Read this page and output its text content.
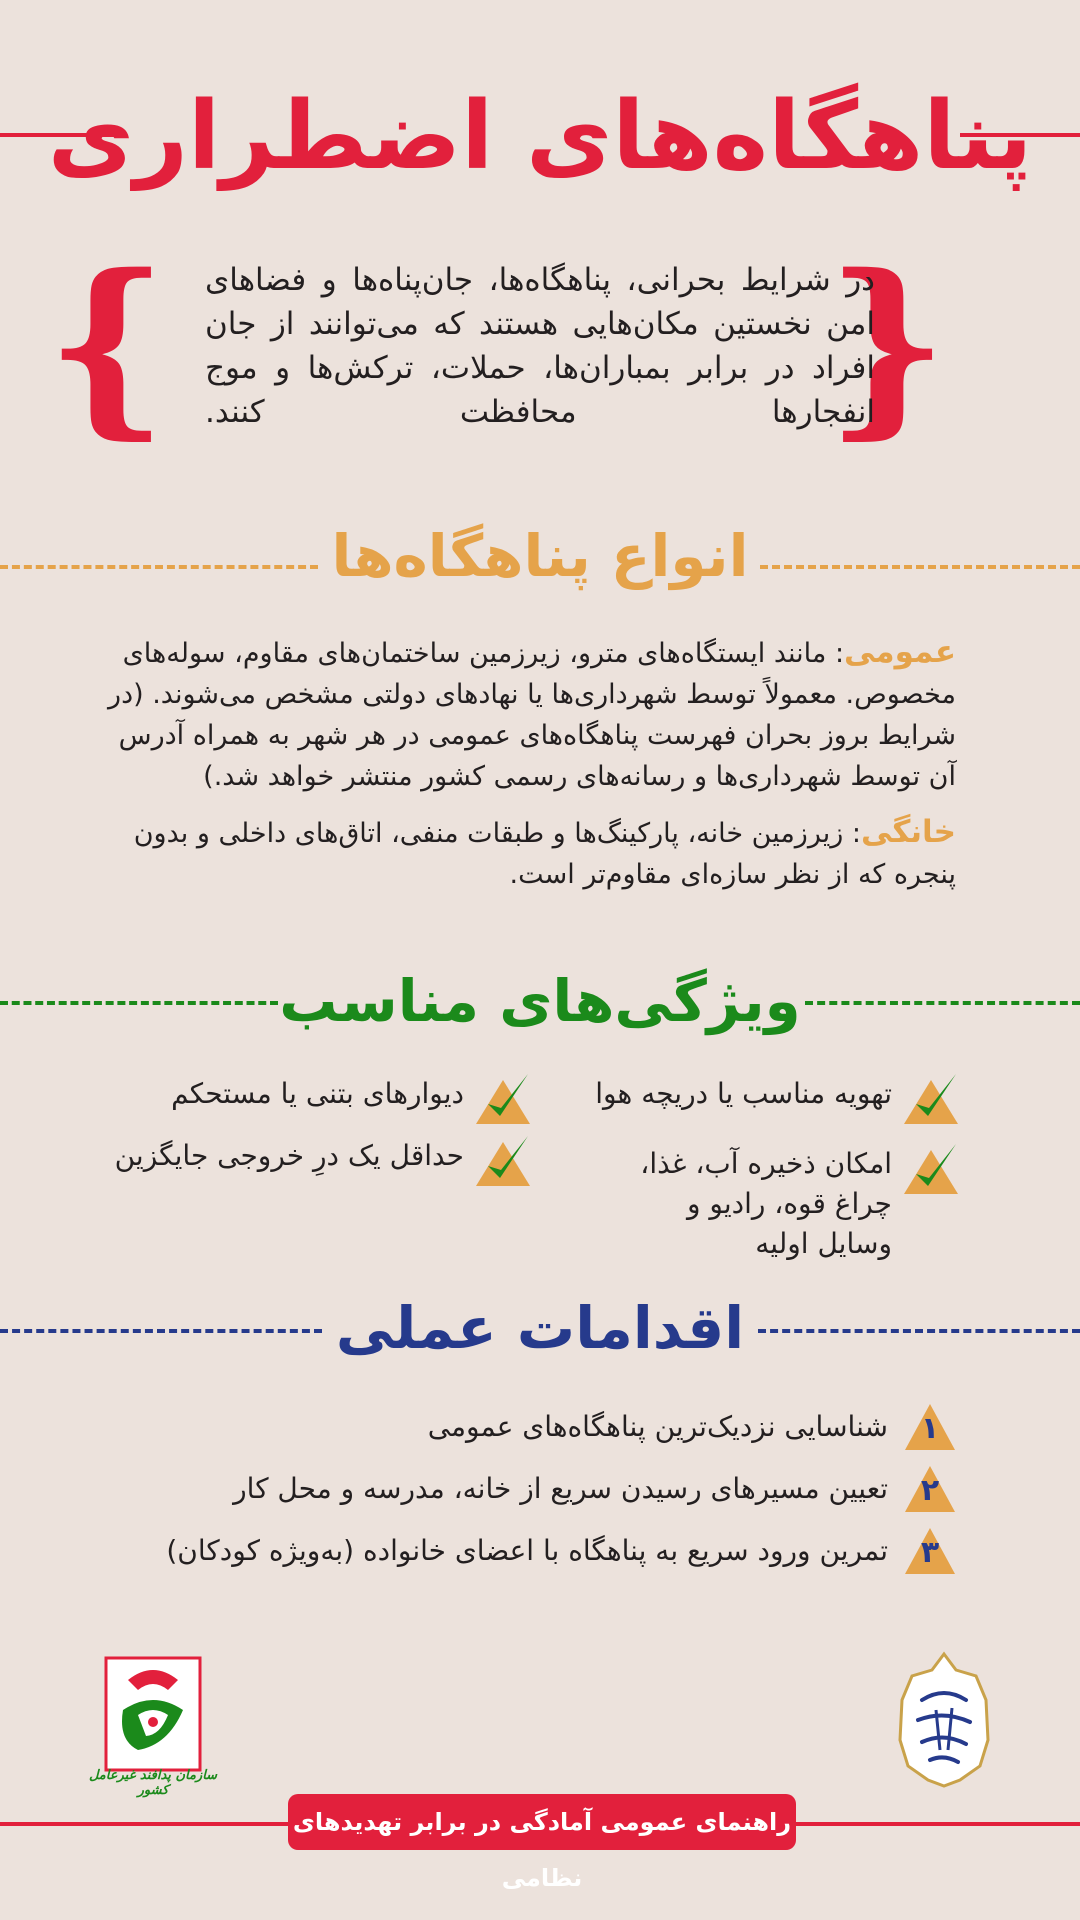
پناهگاه‌های اضطراری
{
} در شرایط بحرانی، پناهگاه‌ها، جان‌پناه‌ها و فضاهای امن نخستین مکان‌هایی هستند که می‌توانند از جان افراد در برابر بمباران‌ها، حملات، ترکش‌ها و موج انفجارها محافظت کنند.
انواع پناهگاه‌ها
عمومی: مانند ایستگاه‌های مترو، زیرزمین ساختمان‌های مقاوم، سوله‌های مخصوص. معمولاً توسط شهرداری‌ها یا نهادهای دولتی مشخص می‌شوند. (در شرایط بروز بحران فهرست پناهگاه‌های عمومی در هر شهر به همراه آدرس آن توسط شهرداری‌ها و رسانه‌های رسمی کشور منتشر خواهد شد.)
خانگی: زیرزمین خانه، پارکینگ‌ها و طبقات منفی، اتاق‌های داخلی و بدون پنجره که از نظر سازه‌ای مقاوم‌تر است.
ویژگی‌های مناسب
تهویه مناسب یا دریچه هوا
دیوارهای بتنی یا مستحکم
امکان ذخیره آب، غذا، چراغ قوه، رادیو و وسایل اولیه
حداقل یک درِ خروجی جایگزین
اقدامات عملی
۱
شناسایی نزدیک‌ترین پناهگاه‌های عمومی
۲
تعیین مسیرهای رسیدن سریع از خانه، مدرسه و محل کار
۳
تمرین ورود سریع به پناهگاه با اعضای خانواده (به‌ویژه کودکان)
سازمان پدافند غیرعامل کشور
راهنمای عمومی آمادگی در برابر تهدیدهای نظامی
